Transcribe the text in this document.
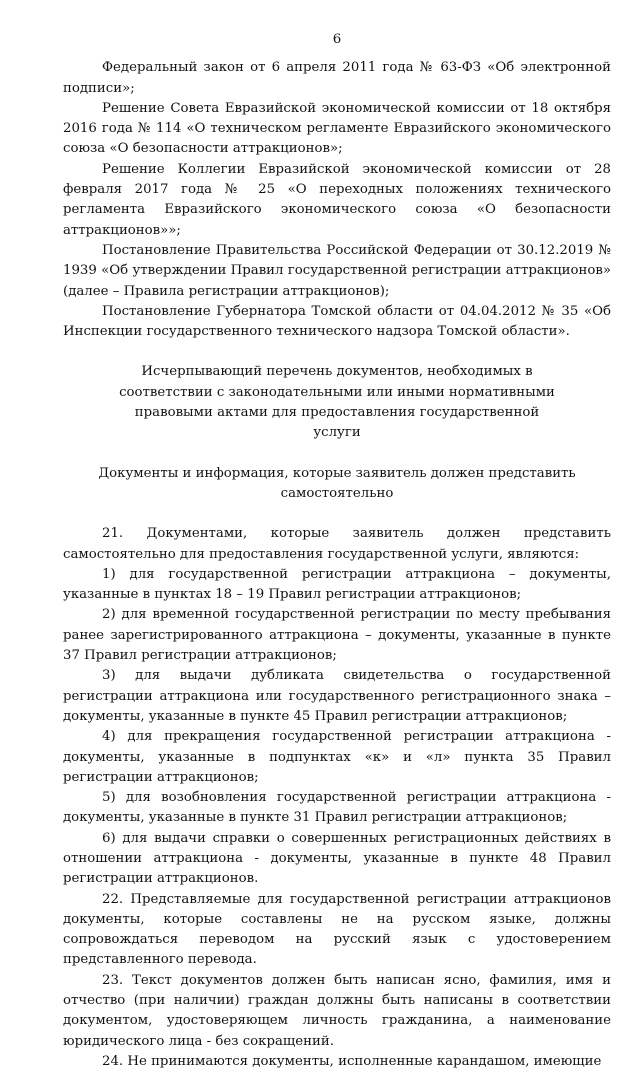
6

Федеральный закон от 6 апреля 2011 года № 63-ФЗ «Об электронной подписи»;

Решение Совета Евразийской экономической комиссии от 18 октября 2016 года № 114 «О техническом регламенте Евразийского экономического союза «О безопасности аттракционов»;

Решение Коллегии Евразийской экономической комиссии от 28 февраля 2017 года № 25 «О переходных положениях технического регламента Евразийского экономического союза «О безопасности аттракционов»»;

Постановление Правительства Российской Федерации от 30.12.2019 № 1939 «Об утверждении Правил государственной регистрации аттракционов» (далее – Правила регистрации аттракционов);

Постановление Губернатора Томской области от 04.04.2012 № 35 «Об Инспекции государственного технического надзора Томской области».

Исчерпывающий перечень документов, необходимых в соответствии с законодательными или иными нормативными правовыми актами для предоставления государственной услуги

Документы и информация, которые заявитель должен представить самостоятельно

21. Документами, которые заявитель должен представить самостоятельно для предоставления государственной услуги, являются:

1) для государственной регистрации аттракциона – документы, указанные в пунктах 18 – 19 Правил регистрации аттракционов;

2) для временной государственной регистрации по месту пребывания ранее зарегистрированного аттракциона – документы, указанные в пункте 37 Правил регистрации аттракционов;

3) для выдачи дубликата свидетельства о государственной регистрации аттракциона или государственного регистрационного знака – документы, указанные в пункте 45 Правил регистрации аттракционов;

4) для прекращения государственной регистрации аттракциона - документы, указанные в подпунктах «к» и «л» пункта 35 Правил регистрации аттракционов;

5) для возобновления государственной регистрации аттракциона - документы, указанные в пункте 31 Правил регистрации аттракционов;

6) для выдачи справки о совершенных регистрационных действиях в отношении аттракциона - документы, указанные в пункте 48 Правил регистрации аттракционов.

22. Представляемые для государственной регистрации аттракционов документы, которые составлены не на русском языке, должны сопровождаться переводом на русский язык с удостоверением представленного перевода.

23. Текст документов должен быть написан ясно, фамилия, имя и отчество (при наличии) граждан должны быть написаны в соответствии документом, удостоверяющем личность гражданина, а наименование юридического лица - без сокращений.

24. Не принимаются документы, исполненные карандашом, имеющие
